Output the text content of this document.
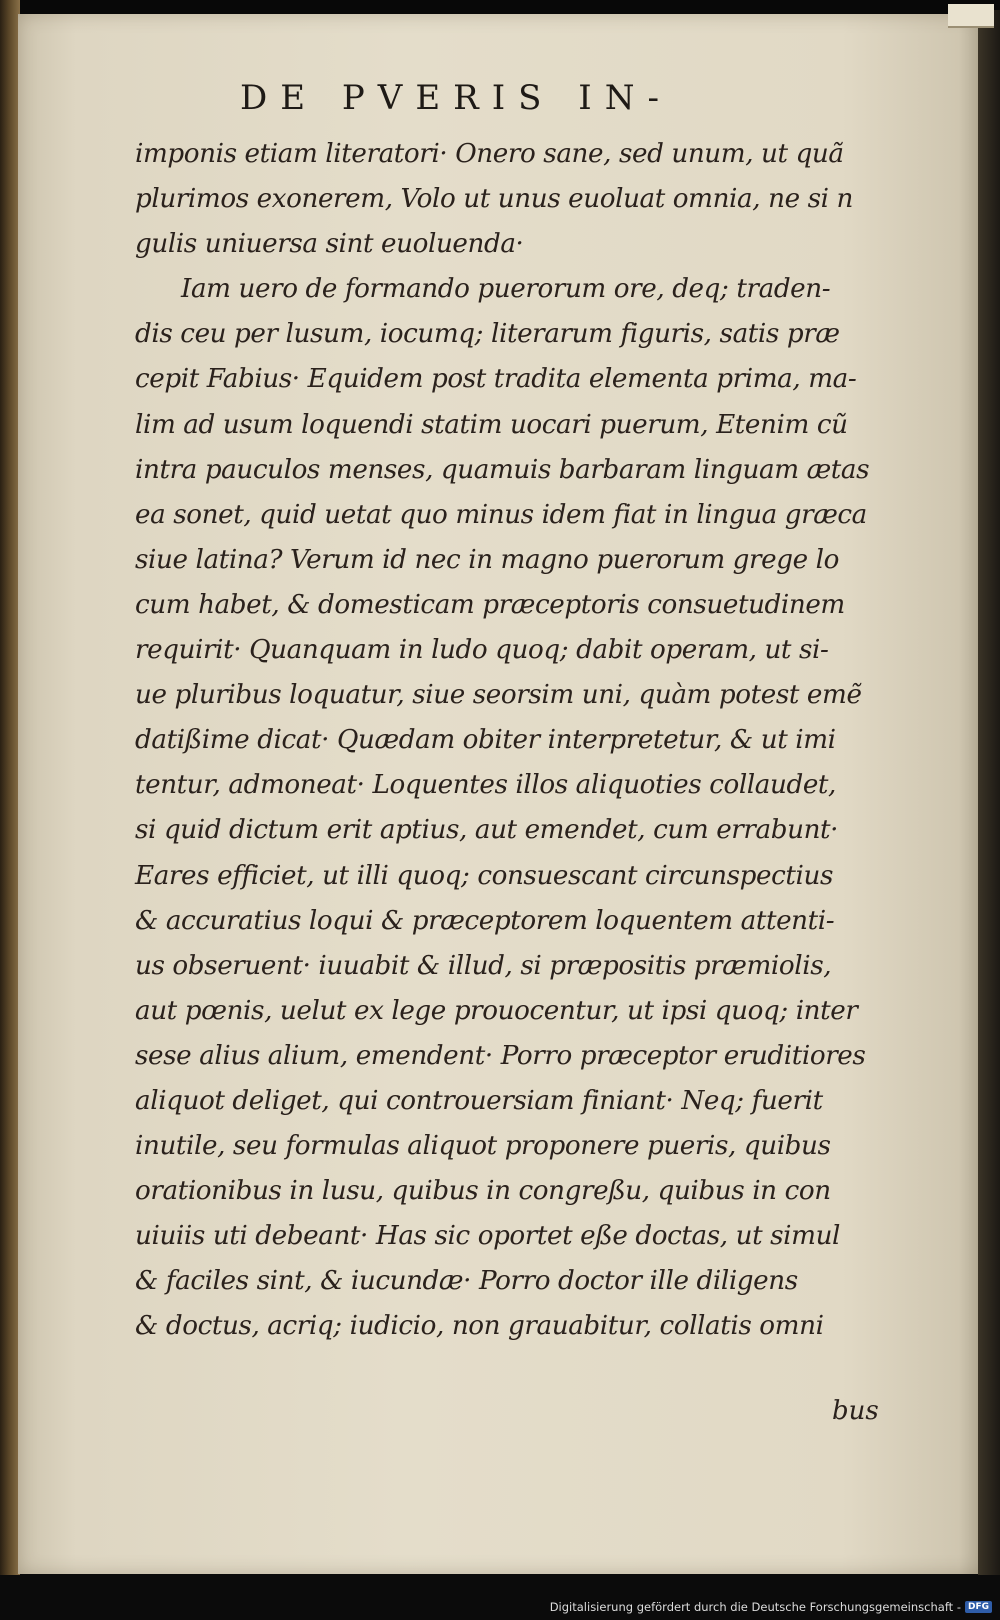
DE PVERIS IN-
imponis etiam literatori· Onero sane, sed unum, ut quã
plurimos exonerem, Volo ut unus euoluat omnia, ne si n
gulis uniuersa sint euoluenda·
Iam uero de formando puerorum ore, deq; traden-
dis ceu per lusum, iocumq; literarum figuris, satis præ
cepit Fabius· Equidem post tradita elementa prima, ma-
lim ad usum loquendi statim uocari puerum, Etenim cũ
intra pauculos menses, quamuis barbaram linguam ætas
ea sonet, quid uetat quo minus idem fiat in lingua græca
siue latina? Verum id nec in magno puerorum grege lo
cum habet, & domesticam præceptoris consuetudinem
requirit· Quanquam in ludo quoq; dabit operam, ut si-
ue pluribus loquatur, siue seorsim uni, quàm potest emẽ
datißime dicat· Quædam obiter interpretetur, & ut imi
tentur, admoneat· Loquentes illos aliquoties collaudet,
si quid dictum erit aptius, aut emendet, cum errabunt·
Eares efficiet, ut illi quoq; consuescant circunspectius
& accuratius loqui & præceptorem loquentem attenti-
us obseruent· iuuabit & illud, si præpositis præmiolis,
aut pœnis, uelut ex lege prouocentur, ut ipsi quoq; inter
sese alius alium, emendent· Porro præceptor eruditiores
aliquot deliget, qui controuersiam finiant· Neq; fuerit
inutile, seu formulas aliquot proponere pueris, quibus
orationibus in lusu, quibus in congreßu, quibus in con
uiuiis uti debeant· Has sic oportet eße doctas, ut simul
& faciles sint, & iucundæ· Porro doctor ille diligens
& doctus, acriq; iudicio, non grauabitur, collatis omni
bus
Digitalisierung gefördert durch die Deutsche Forschungsgemeinschaft - DFG
